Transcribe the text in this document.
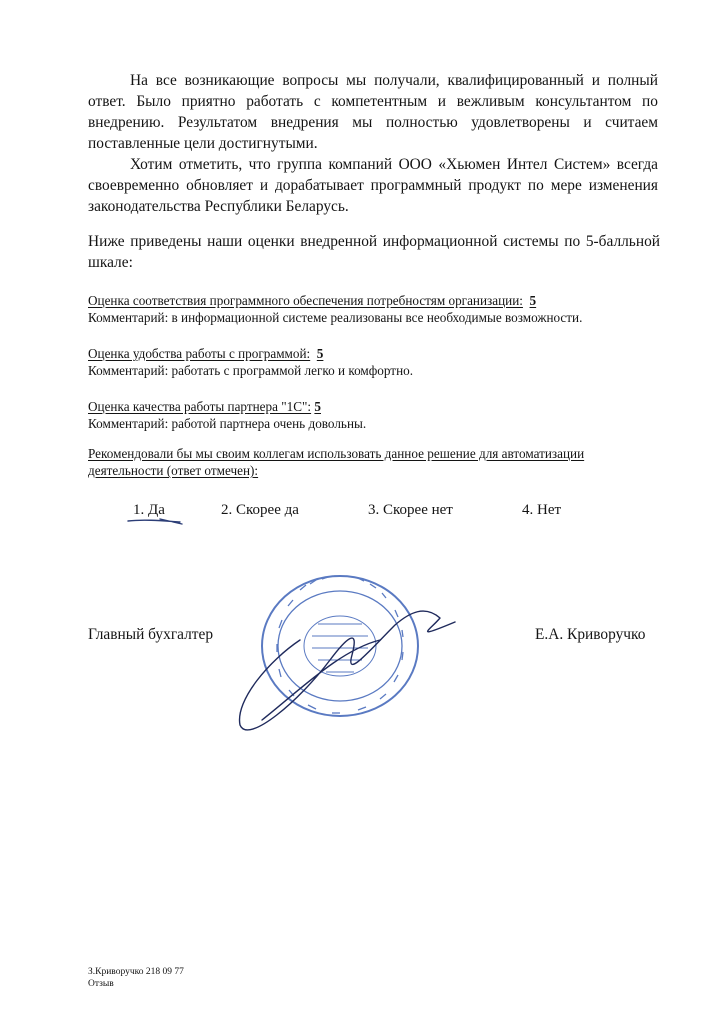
На все возникающие вопросы мы получали, квалифицированный и полный ответ. Было приятно работать с компетентным и вежливым консультантом по внедрению. Результатом внедрения мы полностью удовлетворены и считаем поставленные цели достигнутыми.

Хотим отметить, что группа компаний ООО «Хьюмен Интел Систем» всегда своевременно обновляет и дорабатывает программный продукт по мере изменения законодательства Республики Беларусь.

Ниже приведены наши оценки внедренной информационной системы по 5-балльной шкале:

Оценка соответствия программного обеспечения потребностям организации: 5

Комментарий: в информационной системе реализованы все необходимые возможности.

Оценка удобства работы с программой: 5

Комментарий: работать с программой легко и комфортно.

Оценка качества работы партнера "1С": 5

Комментарий: работой партнера очень довольны.

Рекомендовали бы мы своим коллегам использовать данное решение для автоматизации деятельности (ответ отмечен):

1. Да	2. Скорее да	3. Скорее нет	4. Нет
Главный бухгалтер	Е.А. Криворучко
З.Криворучко 218 09 77
Отзыв
